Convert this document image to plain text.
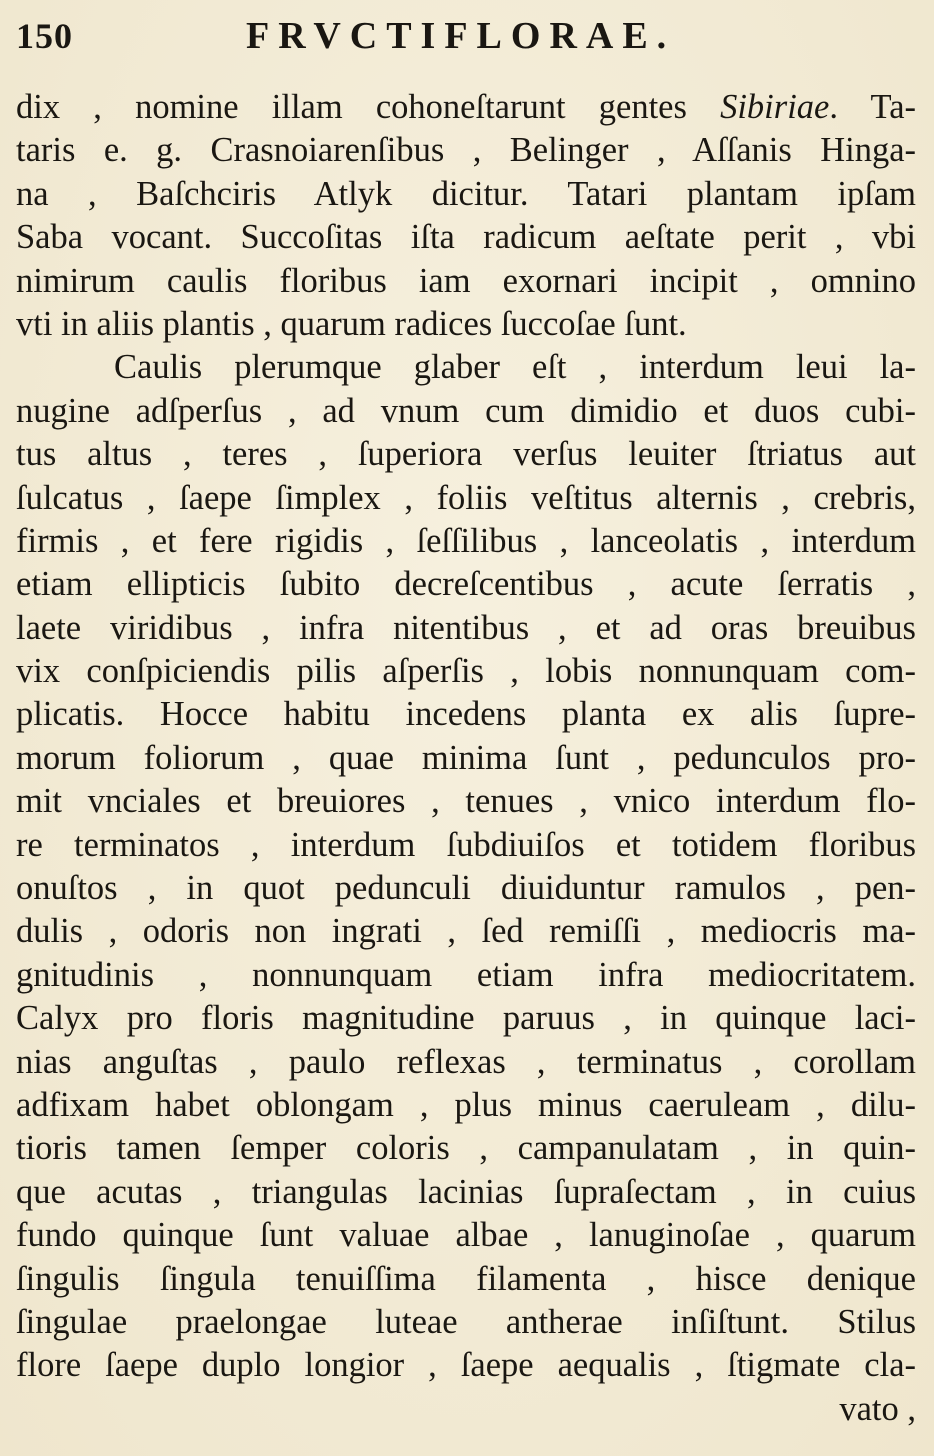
150	FRVCTIFLORAE.
dix , nomine illam cohoneſtarunt gentes Sibiriae. Ta-
taris e. g. Crasnoiarenſibus , Belinger , Aſſanis Hinga-
na , Baſchciris Atlyk dicitur. Tatari plantam ipſam
Saba vocant. Succoſitas iſta radicum aeſtate perit , vbi
nimirum caulis floribus iam exornari incipit , omnino
vti in aliis plantis , quarum radices ſuccoſae ſunt.
Caulis plerumque glaber eſt , interdum leui la-
nugine adſperſus , ad vnum cum dimidio et duos cubi-
tus altus , teres , ſuperiora verſus leuiter ſtriatus aut
ſulcatus , ſaepe ſimplex , foliis veſtitus alternis , crebris,
firmis , et fere rigidis , ſeſſilibus , lanceolatis , interdum
etiam ellipticis ſubito decreſcentibus , acute ſerratis ,
laete viridibus , infra nitentibus , et ad oras breuibus
vix conſpiciendis pilis aſperſis , lobis nonnunquam com-
plicatis. Hocce habitu incedens planta ex alis ſupre-
morum foliorum , quae minima ſunt , pedunculos pro-
mit vnciales et breuiores , tenues , vnico interdum flo-
re terminatos , interdum ſubdiuiſos et totidem floribus
onuſtos , in quot pedunculi diuiduntur ramulos , pen-
dulis , odoris non ingrati , ſed remiſſi , mediocris ma-
gnitudinis , nonnunquam etiam infra mediocritatem.
Calyx pro floris magnitudine paruus , in quinque laci-
nias anguſtas , paulo reflexas , terminatus , corollam
adfixam habet oblongam , plus minus caeruleam , dilu-
tioris tamen ſemper coloris , campanulatam , in quin-
que acutas , triangulas lacinias ſupraſectam , in cuius
fundo quinque ſunt valuae albae , lanuginoſae , quarum
ſingulis ſingula tenuiſſima filamenta , hisce denique
ſingulae praelongae luteae antherae inſiſtunt. Stilus
flore ſaepe duplo longior , ſaepe aequalis , ſtigmate cla-
vato ,
